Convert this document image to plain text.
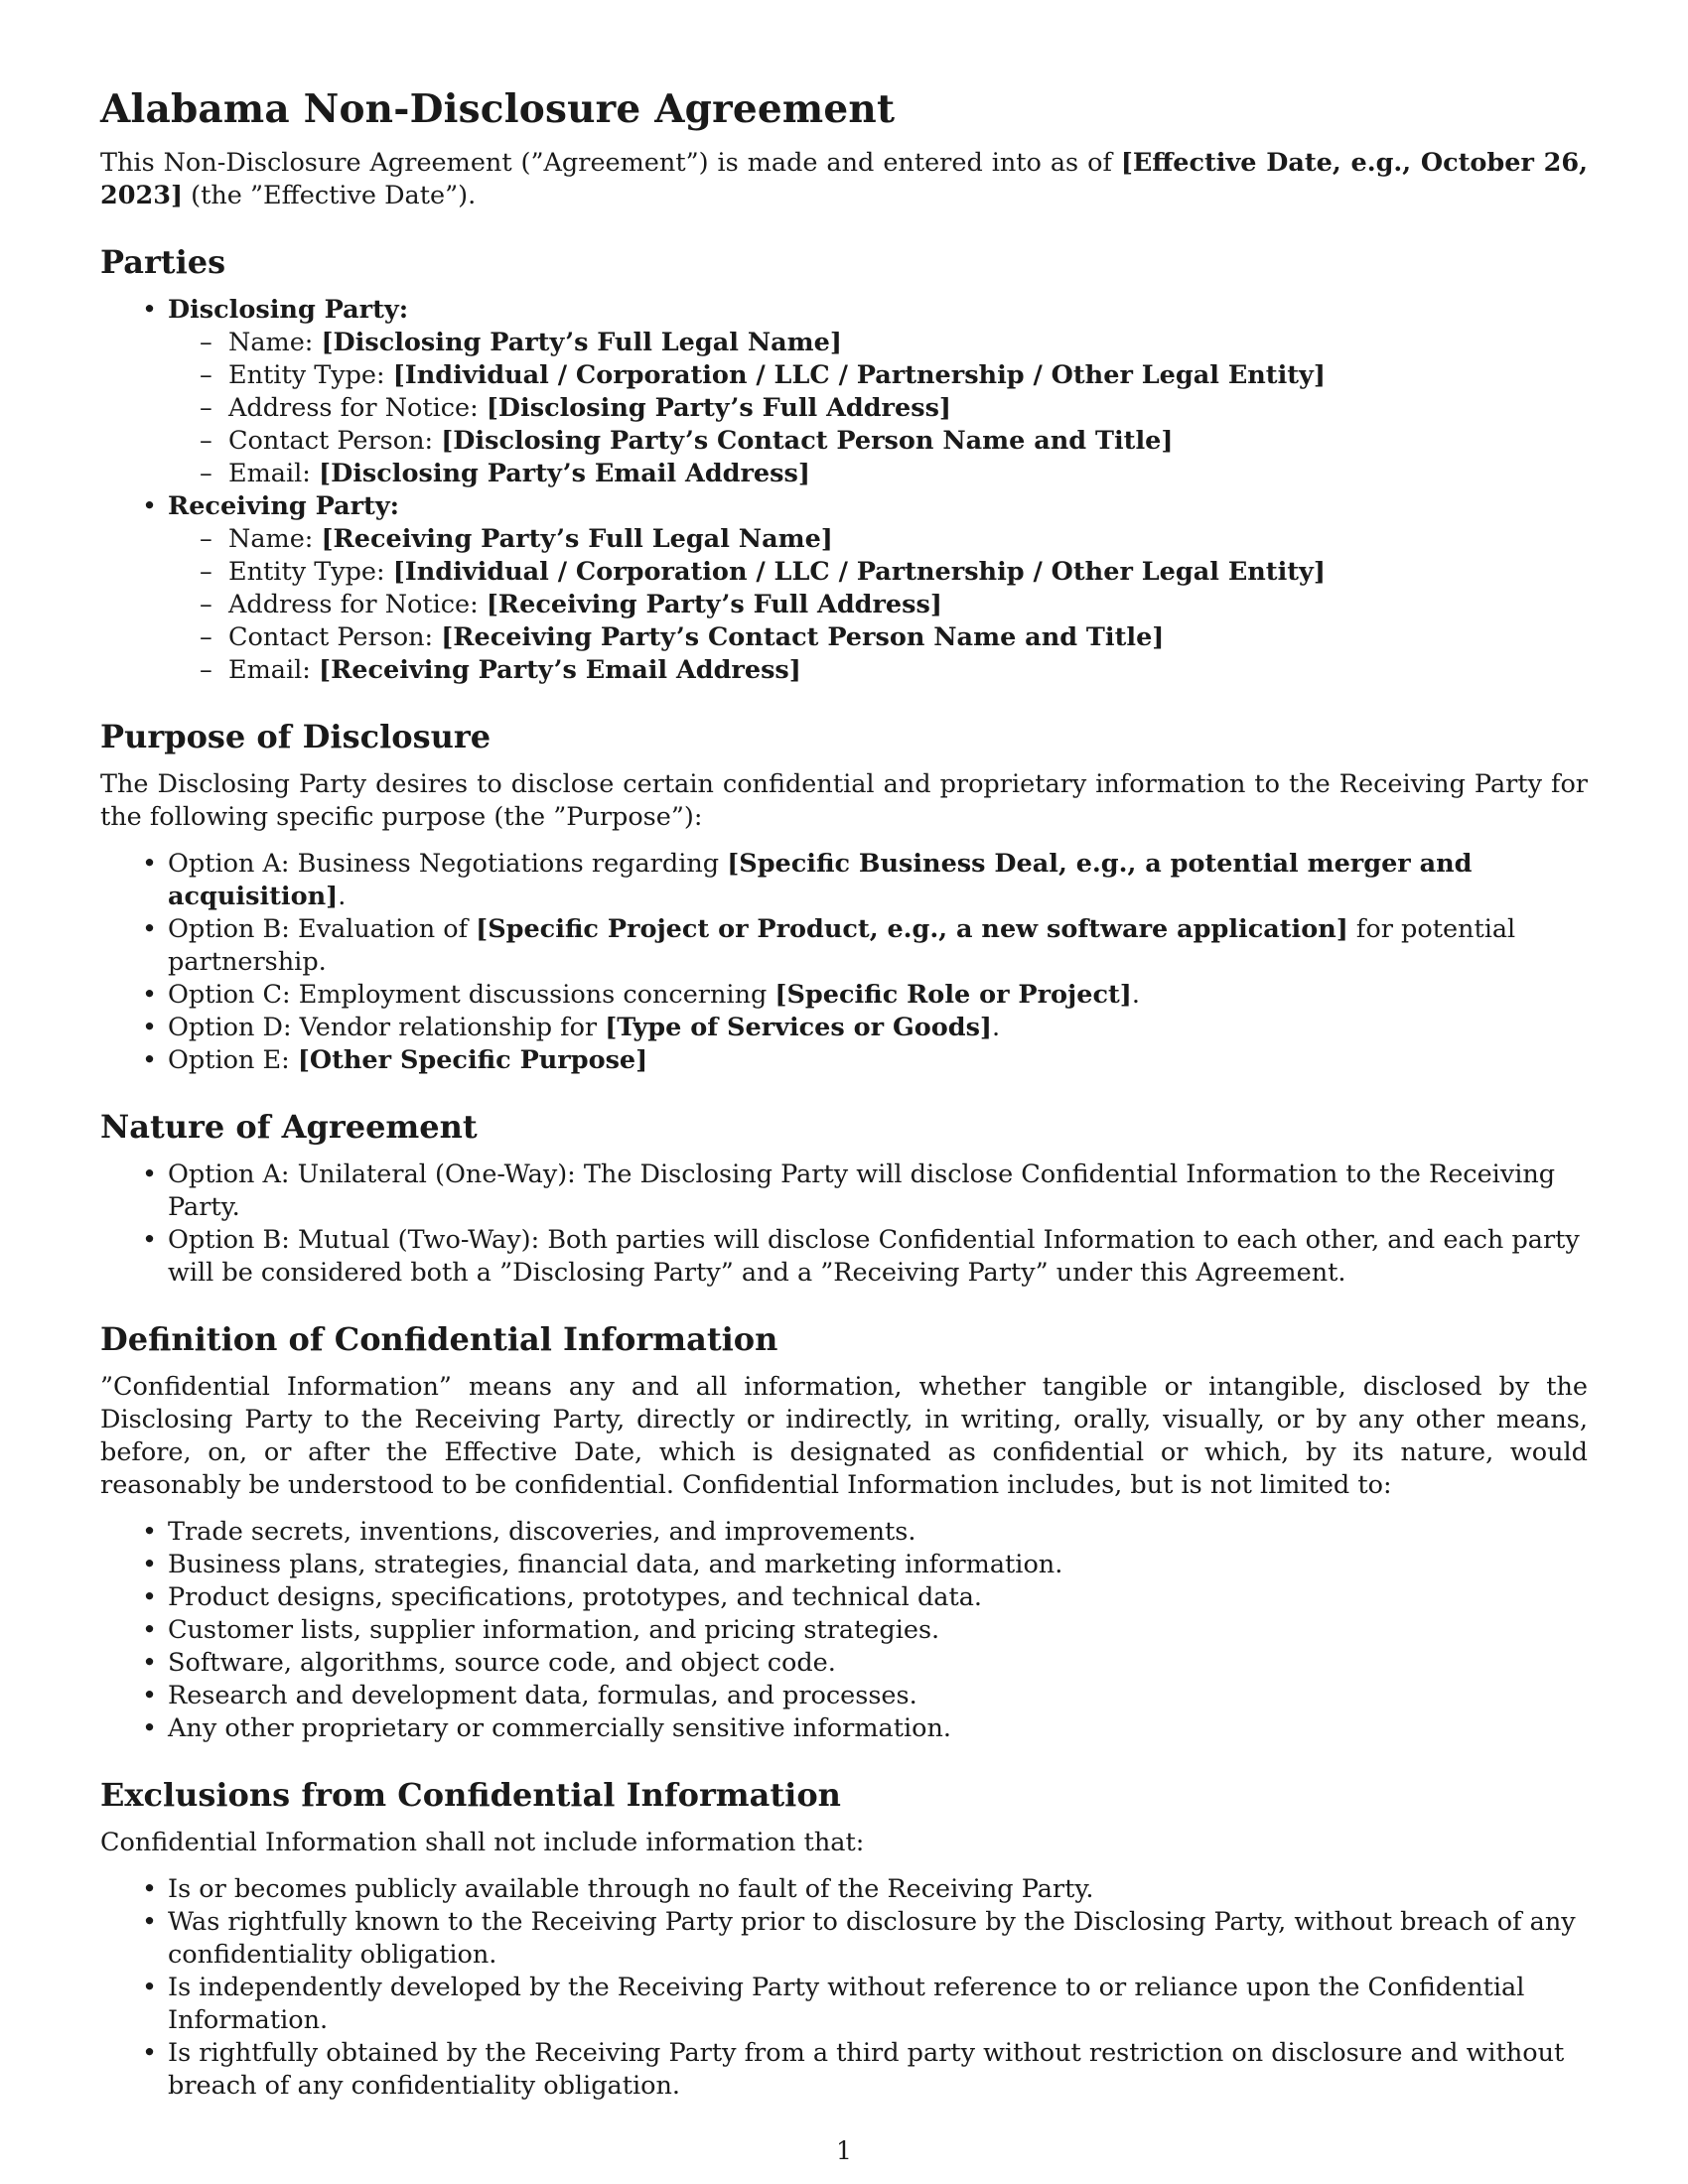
Alabama Non-Disclosure Agreement

This Non-Disclosure Agreement (”Agreement”) is made and entered into as of [Effective Date, e.g., October 26, 2023] (the ”Effective Date”).

Parties
• Disclosing Party:
– Name: [Disclosing Party’s Full Legal Name]
– Entity Type: [Individual / Corporation / LLC / Partnership / Other Legal Entity]
– Address for Notice: [Disclosing Party’s Full Address]
– Contact Person: [Disclosing Party’s Contact Person Name and Title]
– Email: [Disclosing Party’s Email Address]
• Receiving Party:
– Name: [Receiving Party’s Full Legal Name]
– Entity Type: [Individual / Corporation / LLC / Partnership / Other Legal Entity]
– Address for Notice: [Receiving Party’s Full Address]
– Contact Person: [Receiving Party’s Contact Person Name and Title]
– Email: [Receiving Party’s Email Address]
Purpose of Disclosure

The Disclosing Party desires to disclose certain confidential and proprietary information to the Receiving Party for the following specific purpose (the ”Purpose”):

• Option A: Business Negotiations regarding [Specific Business Deal, e.g., a potential merger and acquisition].
• Option B: Evaluation of [Specific Project or Product, e.g., a new software application] for potential partnership.
• Option C: Employment discussions concerning [Specific Role or Project].
• Option D: Vendor relationship for [Type of Services or Goods].
• Option E: [Other Specific Purpose]
Nature of Agreement
• Option A: Unilateral (One-Way): The Disclosing Party will disclose Confidential Information to the Receiving Party.
• Option B: Mutual (Two-Way): Both parties will disclose Confidential Information to each other, and each party will be considered both a ”Disclosing Party” and a ”Receiving Party” under this Agreement.
Definition of Confidential Information

”Confidential Information” means any and all information, whether tangible or intangible, disclosed by the Disclosing Party to the Receiving Party, directly or indirectly, in writing, orally, visually, or by any other means, before, on, or after the Effective Date, which is designated as confidential or which, by its nature, would reasonably be understood to be confidential. Confidential Information includes, but is not limited to:

• Trade secrets, inventions, discoveries, and improvements.
• Business plans, strategies, financial data, and marketing information.
• Product designs, specifications, prototypes, and technical data.
• Customer lists, supplier information, and pricing strategies.
• Software, algorithms, source code, and object code.
• Research and development data, formulas, and processes.
• Any other proprietary or commercially sensitive information.
Exclusions from Confidential Information

Confidential Information shall not include information that:

• Is or becomes publicly available through no fault of the Receiving Party.
• Was rightfully known to the Receiving Party prior to disclosure by the Disclosing Party, without breach of any confidentiality obligation.
• Is independently developed by the Receiving Party without reference to or reliance upon the Confidential Information.
• Is rightfully obtained by the Receiving Party from a third party without restriction on disclosure and without breach of any confidentiality obligation.
1
